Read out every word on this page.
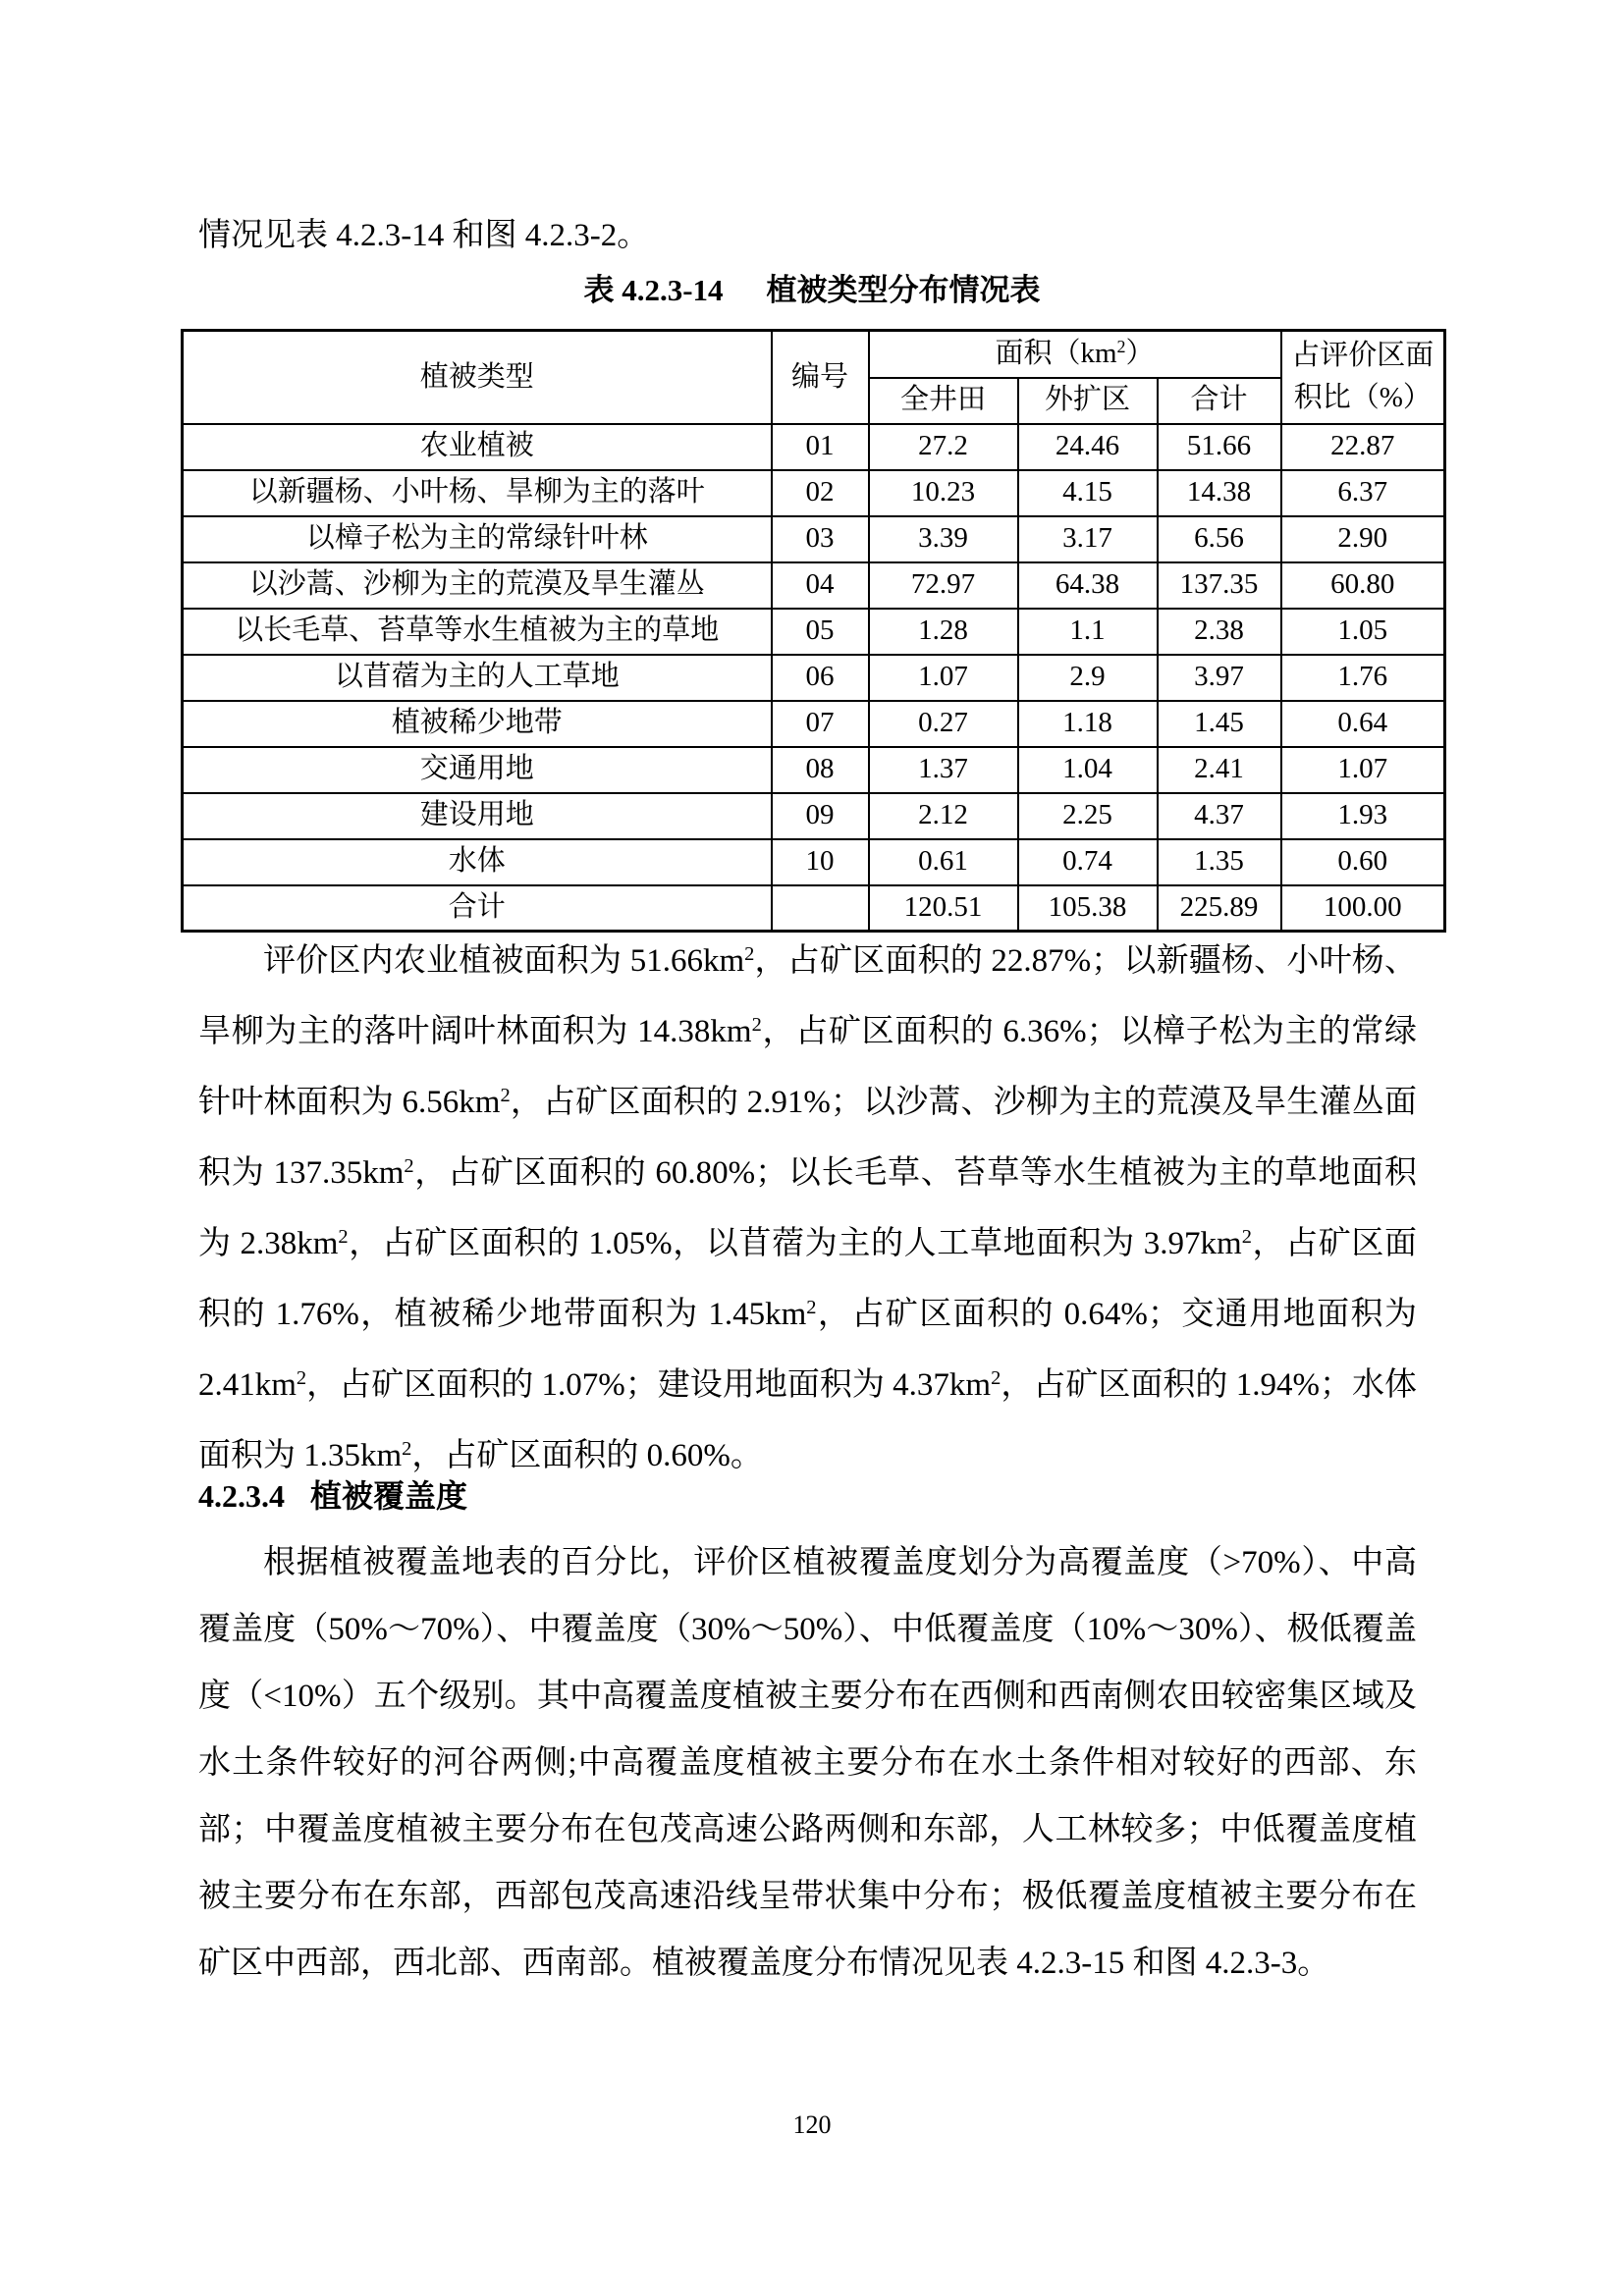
情况见表 4.2.3-14 和图 4.2.3-2。
表 4.2.3-14 植被类型分布情况表
植被类型	编号	面积$(km^2)$			占评价区面积比（%）
		全井田	外扩区	合计	
农业植被	01	27.2	24.46	51.66	22.87
以新疆杨、小叶杨、旱柳为主的落叶	02	10.23	4.15	14.38	6.37
以樟子松为主的常绿针叶林	03	3.39	3.17	6.56	2.90
以沙蒿、沙柳为主的荒漠及旱生灌丛	04	72.97	64.38	137.35	60.80
以长毛草、苔草等水生植被为主的草地	05	1.28	1.1	2.38	1.05
以苜蓿为主的人工草地	06	1.07	2.9	3.97	1.76
植被稀少地带	07	0.27	1.18	1.45	0.64
交通用地	08	1.37	1.04	2.41	1.07
建设用地	09	2.12	2.25	4.37	1.93
水体	10	0.61	0.74	1.35	0.60
合计		120.51	105.38	225.89	100.00
评价区内农业植被面积为 $51.66km^2$，占矿区面积的 22.87%；以新疆杨、小叶杨、旱柳为主的落叶阔叶林面积为 $14.38km^2$，占矿区面积的 6.36%；以樟子松为主的常绿针叶林面积为 $6.56km^2$，占矿区面积的 2.91%；以沙蒿、沙柳为主的荒漠及旱生灌丛面积为 $137.35km^2$，占矿区面积的 60.80%；以长毛草、苔草等水生植被为主的草地面积为 $2.38km^2$，占矿区面积的 1.05%，以苜蓿为主的人工草地面积为 $3.97km^2$，占矿区面积的 1.76%，植被稀少地带面积为 $1.45km^2$，占矿区面积的 0.64%；交通用地面积为 $2.41km^2$，占矿区面积的 1.07%；建设用地面积为 $4.37km^2$，占矿区面积的 1.94%；水体面积为 $1.35km^2$，占矿区面积的 0.60%。
4.2.3.4 植被覆盖度
根据植被覆盖地表的百分比，评价区植被覆盖度划分为高覆盖度（>70%）、中高覆盖度（50%～70%）、中覆盖度（30%～50%）、中低覆盖度（10%～30%）、极低覆盖度（<10%）五个级别。其中高覆盖度植被主要分布在西侧和西南侧农田较密集区域及水土条件较好的河谷两侧;中高覆盖度植被主要分布在水土条件相对较好的西部、东部；中覆盖度植被主要分布在包茂高速公路两侧和东部，人工林较多；中低覆盖度植被主要分布在东部，西部包茂高速沿线呈带状集中分布；极低覆盖度植被主要分布在矿区中西部，西北部、西南部。植被覆盖度分布情况见表 4.2.3-15 和图 4.2.3-3。
120
